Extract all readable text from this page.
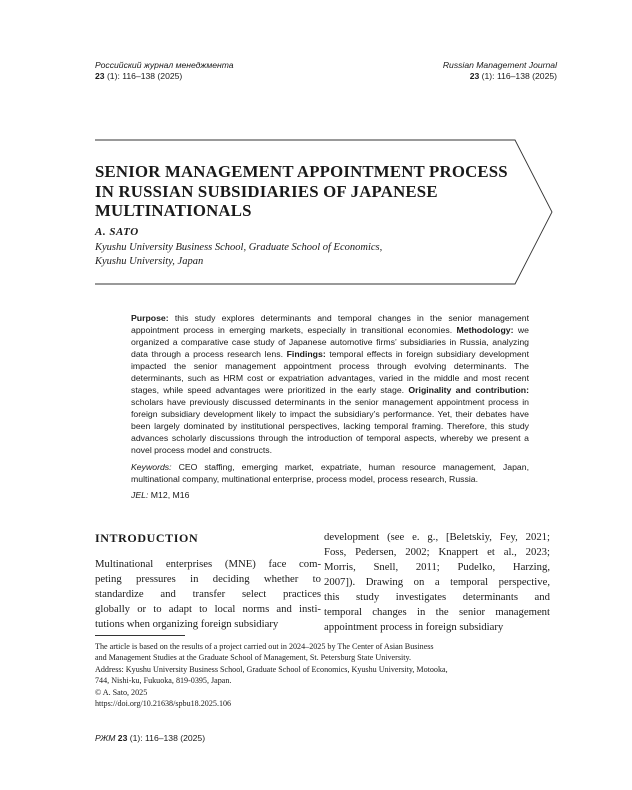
Российский журнал менеджмента
23 (1): 116–138 (2025)
Russian Management Journal
23 (1): 116–138 (2025)
SENIOR MANAGEMENT APPOINTMENT PROCESS
IN RUSSIAN SUBSIDIARIES OF JAPANESE
MULTINATIONALS
A. SATO
Kyushu University Business School, Graduate School of Economics,
Kyushu University, Japan

Purpose: this study explores determinants and temporal changes in the senior management appointment process in emerging markets, especially in transitional economies. Methodology: we organized a comparative case study of Japanese automotive firms’ subsidiaries in Russia, analyzing data through a process research lens. Findings: temporal effects in foreign subsidiary development impacted the senior management appointment process through evolving determinants. The determinants, such as HRM cost or expatriation advantages, varied in the middle and most recent stages, while speed advantages were prioritized in the early stage. Originality and contribution: scholars have previously discussed determinants in the senior management appointment process in foreign subsidiary development likely to impact the subsidiary’s performance. Yet, their debates have been largely dominated by institutional perspectives, lacking temporal framing. Therefore, this study advances scholarly discussions through the introduction of temporal aspects, whereby we present a novel process model and constructs.

Keywords: CEO staffing, emerging market, expatriate, human resource management, Japan, multinational company, multinational enterprise, process model, process research, Russia.

JEL: M12, M16

INTRODUCTION
Multinational enterprises (MNE) face com-
peting pressures in deciding whether to
standardize and transfer select practices
globally or to adapt to local norms and insti-
tutions when organizing foreign subsidiary
development (see e. g., [Beletskiy, Fey, 2021;
Foss, Pedersen, 2002; Knappert et al., 2023;
Morris, Snell, 2011; Pudelko, Harzing,
2007]). Drawing on a temporal perspective,
this study investigates determinants and
temporal changes in the senior management
appointment process in foreign subsidiary
The article is based on the results of a project carried out in 2024–2025 by The Center of Asian Business
and Management Studies at the Graduate School of Management, St. Petersburg State University.
Address: Kyushu University Business School, Graduate School of Economics, Kyushu University, Motooka,
744, Nishi-ku, Fukuoka, 819-0395, Japan.
© A. Sato, 2025
https://doi.org/10.21638/spbu18.2025.106
РЖМ 23 (1): 116–138 (2025)
